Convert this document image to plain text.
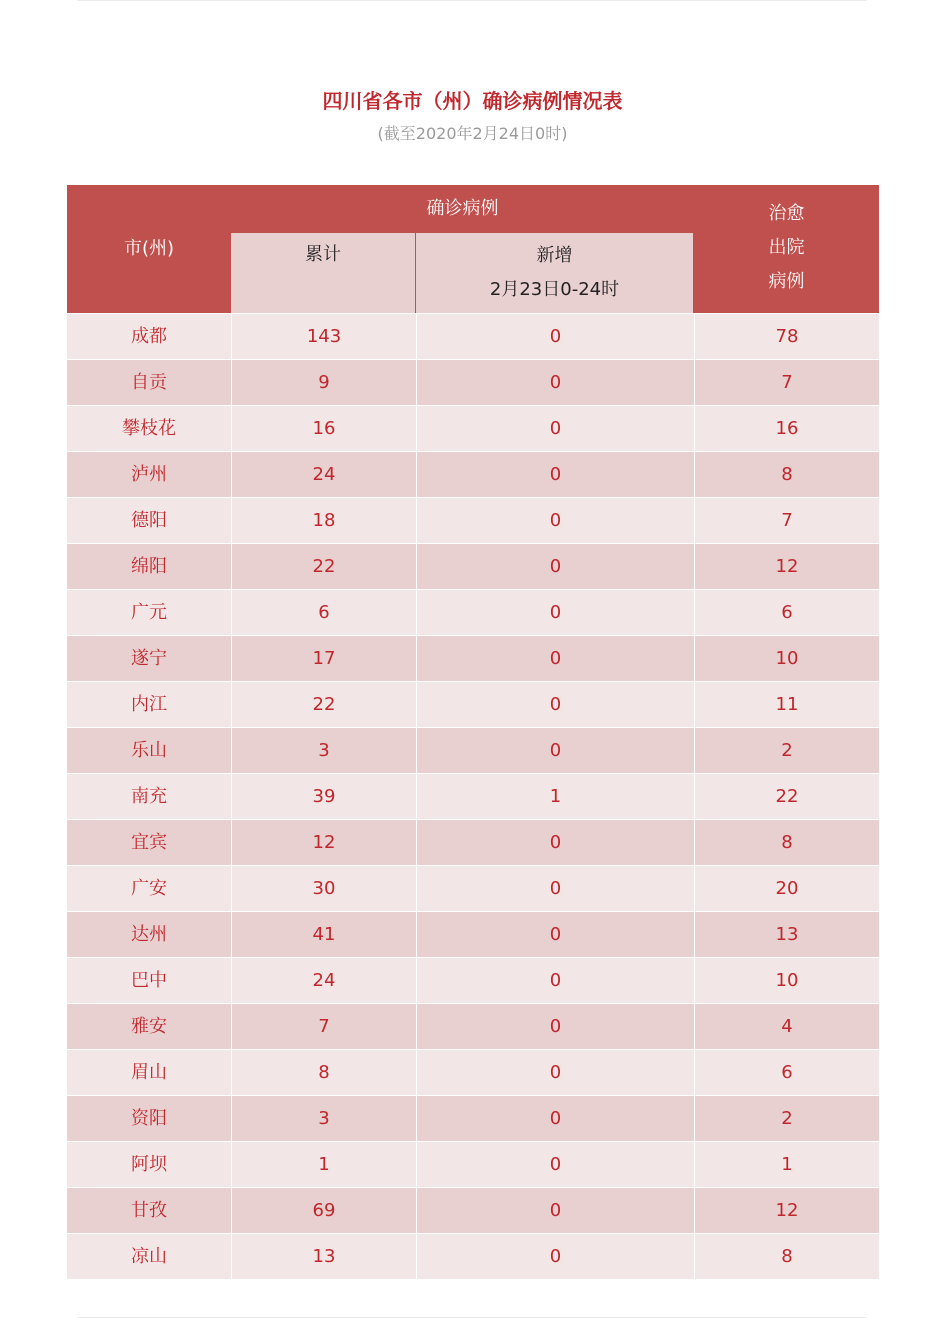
四川省各市（州）确诊病例情况表
(截至2020年2月24日0时)
市(州)
确诊病例
累计	新增
2月23日0-24时
治愈
出院
病例
成都	143	0	78
自贡	9	0	7
攀枝花	16	0	16
泸州	24	0	8
德阳	18	0	7
绵阳	22	0	12
广元	6	0	6
遂宁	17	0	10
内江	22	0	11
乐山	3	0	2
南充	39	1	22
宜宾	12	0	8
广安	30	0	20
达州	41	0	13
巴中	24	0	10
雅安	7	0	4
眉山	8	0	6
资阳	3	0	2
阿坝	1	0	1
甘孜	69	0	12
凉山	13	0	8
